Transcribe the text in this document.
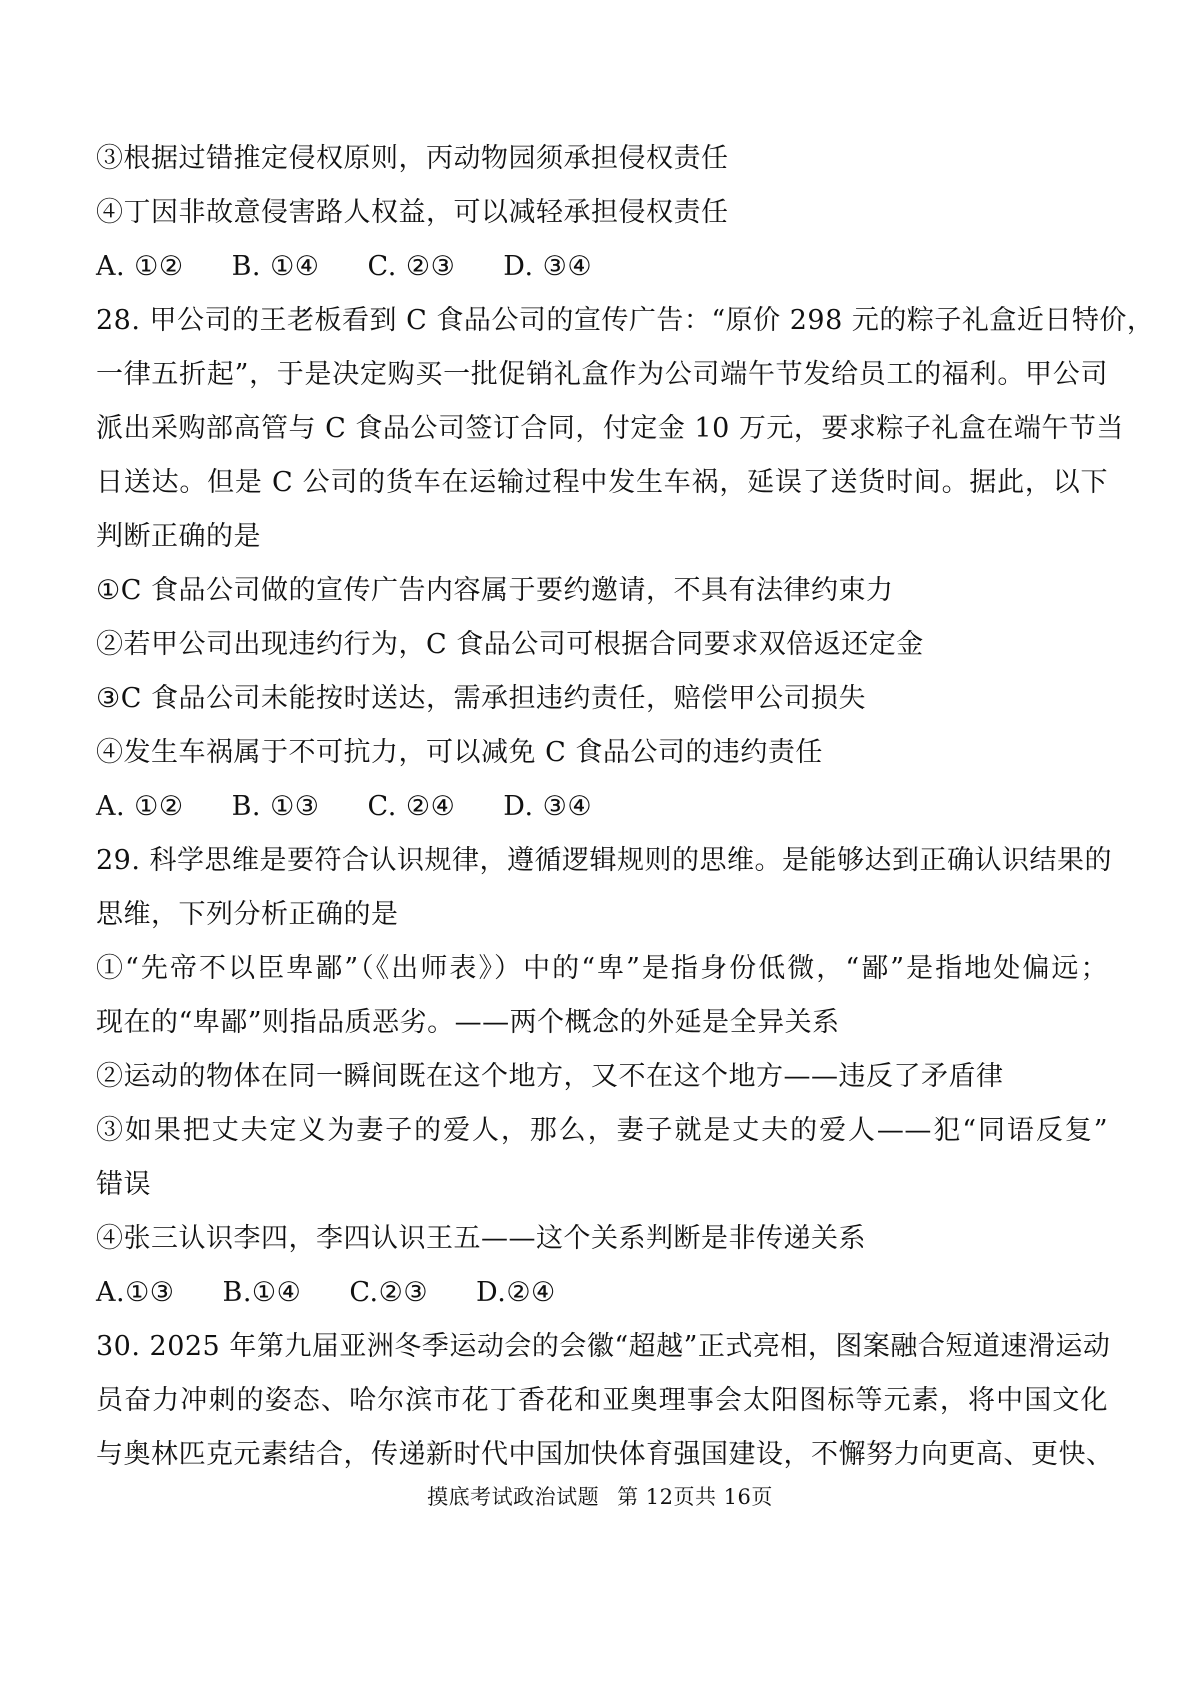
③根据过错推定侵权原则，丙动物园须承担侵权责任
④丁因非故意侵害路人权益，可以减轻承担侵权责任
A. ①② B. ①④ C. ②③ D. ③④
28. 甲公司的王老板看到 C 食品公司的宣传广告：“原价 298 元的粽子礼盒近日特价，
一律五折起”，于是决定购买一批促销礼盒作为公司端午节发给员工的福利。甲公司
派出采购部高管与 C 食品公司签订合同，付定金 10 万元，要求粽子礼盒在端午节当
日送达。但是 C 公司的货车在运输过程中发生车祸，延误了送货时间。据此，以下
判断正确的是
①C 食品公司做的宣传广告内容属于要约邀请，不具有法律约束力
②若甲公司出现违约行为，C 食品公司可根据合同要求双倍返还定金
③C 食品公司未能按时送达，需承担违约责任，赔偿甲公司损失
④发生车祸属于不可抗力，可以减免 C 食品公司的违约责任
A. ①② B. ①③ C. ②④ D. ③④
29. 科学思维是要符合认识规律，遵循逻辑规则的思维。是能够达到正确认识结果的
思维，下列分析正确的是
①“先帝不以臣卑鄙”（《出师表》）中的“卑”是指身份低微，“鄙”是指地处偏远；
现在的“卑鄙”则指品质恶劣。——两个概念的外延是全异关系
②运动的物体在同一瞬间既在这个地方，又不在这个地方——违反了矛盾律
③如果把丈夫定义为妻子的爱人，那么，妻子就是丈夫的爱人——犯“同语反复”
错误
④张三认识李四，李四认识王五——这个关系判断是非传递关系
A.①③ B.①④ C.②③ D.②④
30. 2025 年第九届亚洲冬季运动会的会徽“超越”正式亮相，图案融合短道速滑运动
员奋力冲刺的姿态、哈尔滨市花丁香花和亚奥理事会太阳图标等元素，将中国文化
与奥林匹克元素结合，传递新时代中国加快体育强国建设，不懈努力向更高、更快、
摸底考试政治试题 第 12页共 16页
